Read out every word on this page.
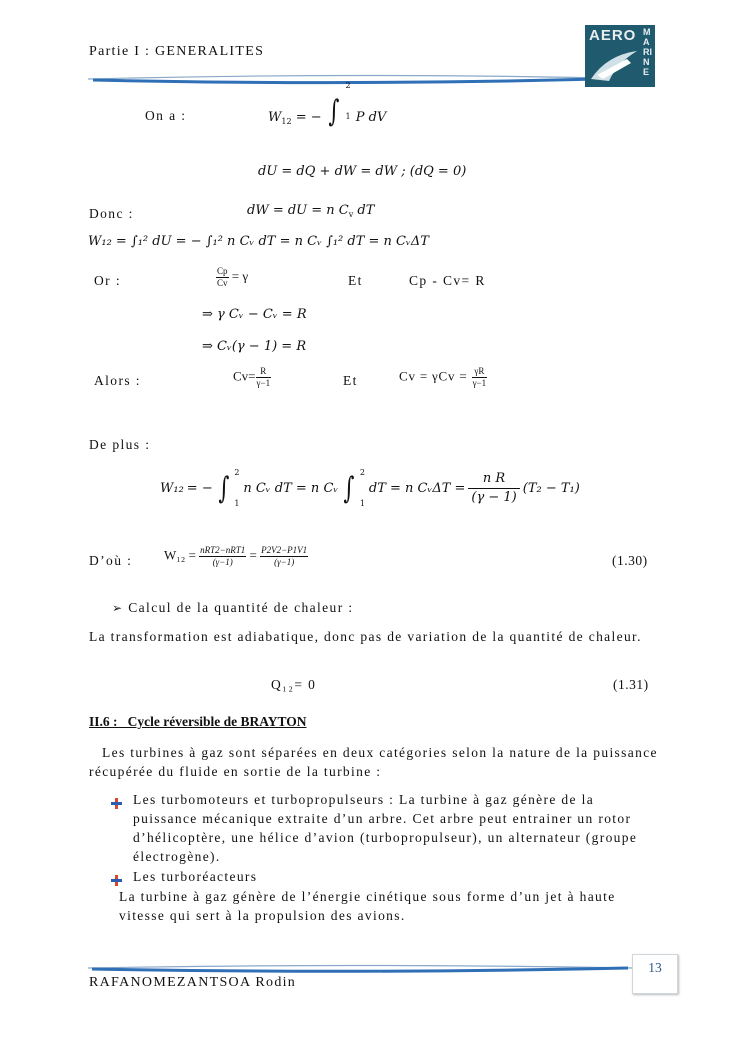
Partie I : GENERALITES
AERO MARINE
On a :	$W_{12}$ = − ∫
2
1 P dV
dU = dQ + dW = dW ; (dQ = 0)
Donc :	dW = dU = n $C_v$ dT
W₁₂ = ∫₁² dU = − ∫₁² n Cᵥ dT = n Cᵥ ∫₁² dT = n CᵥΔT
Or :	$\frac{Cp}{Cv} = \gamma$	Et	Cp - Cv= R
⇒ γ Cᵥ − Cᵥ = R
⇒ Cᵥ(γ − 1) = R
Alors :	$Cv= \frac{R}{\gamma-1}$	Et	$Cv = \gamma Cv = \frac{\gamma R}{\gamma-1}$
De plus :
W₁₂ = − ∫ 2
1
n Cᵥ dT = n Cᵥ ∫ 2
1
dT = n CᵥΔT = $\frac{\text{n R}}{(\gamma - 1)} (T_2 - T_1)$
D’où : $W_{12} = \frac{\text{nRT2−nRT1}}{(\gamma-1)} = \frac{P2V2-P1V1}{(\gamma-1)}$	(1.30)
➢ Calcul de la quantité de chaleur :
La transformation est adiabatique, donc pas de variation de la quantité de chaleur.
Q₁₂= 0	(1.31)
II.6 :   Cycle réversible de BRAYTON
Les turbines à gaz sont séparées en deux catégories selon la nature de la puissance récupérée du fluide en sortie de la turbine :
Les turbomoteurs et turbopropulseurs : La turbine à gaz génère de la puissance mécanique extraite d’un arbre. Cet arbre peut entrainer un rotor d’hélicoptère, une hélice d’avion (turbopropulseur), un alternateur (groupe électrogène).
Les turboréacteurs
La turbine à gaz génère de l’énergie cinétique sous forme d’un jet à haute vitesse qui sert à la propulsion des avions.
13
RAFANOMEZANTSOA Rodin
